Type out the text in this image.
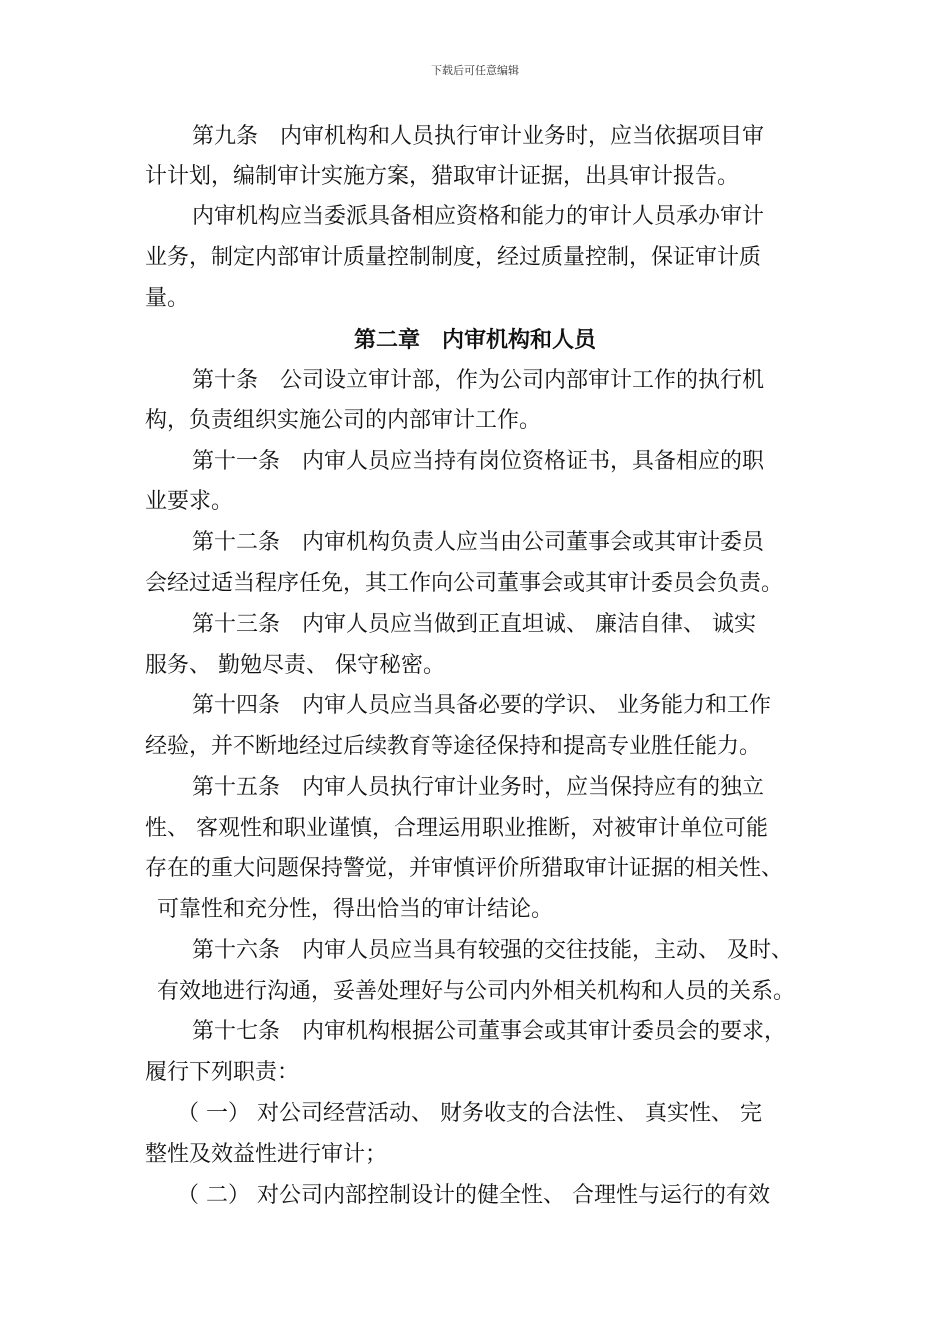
下载后可任意编辑
第九条　内审机构和人员执行审计业务时，应当依据项目审
计计划，编制审计实施方案，猎取审计证据，出具审计报告。
内审机构应当委派具备相应资格和能力的审计人员承办审计
业务，制定内部审计质量控制制度，经过质量控制，保证审计质
量。
第二章　内审机构和人员
第十条　公司设立审计部，作为公司内部审计工作的执行机
构，负责组织实施公司的内部审计工作。
第十一条　内审人员应当持有岗位资格证书，具备相应的职
业要求。
第十二条　内审机构负责人应当由公司董事会或其审计委员
会经过适当程序任免，其工作向公司董事会或其审计委员会负责。
第十三条　内审人员应当做到正直坦诚、 廉洁自律、 诚实
服务、 勤勉尽责、 保守秘密。
第十四条　内审人员应当具备必要的学识、 业务能力和工作
经验，并不断地经过后续教育等途径保持和提高专业胜任能力。
第十五条　内审人员执行审计业务时，应当保持应有的独立
性、 客观性和职业谨慎，合理运用职业推断，对被审计单位可能
存在的重大问题保持警觉，并审慎评价所猎取审计证据的相关性、
可靠性和充分性，得出恰当的审计结论。
第十六条　内审人员应当具有较强的交往技能，主动、 及时、
有效地进行沟通，妥善处理好与公司内外相关机构和人员的关系。
第十七条　内审机构根据公司董事会或其审计委员会的要求，
履行下列职责：
（ 一） 对公司经营活动、 财务收支的合法性、 真实性、 完
整性及效益性进行审计；
（ 二） 对公司内部控制设计的健全性、 合理性与运行的有效
